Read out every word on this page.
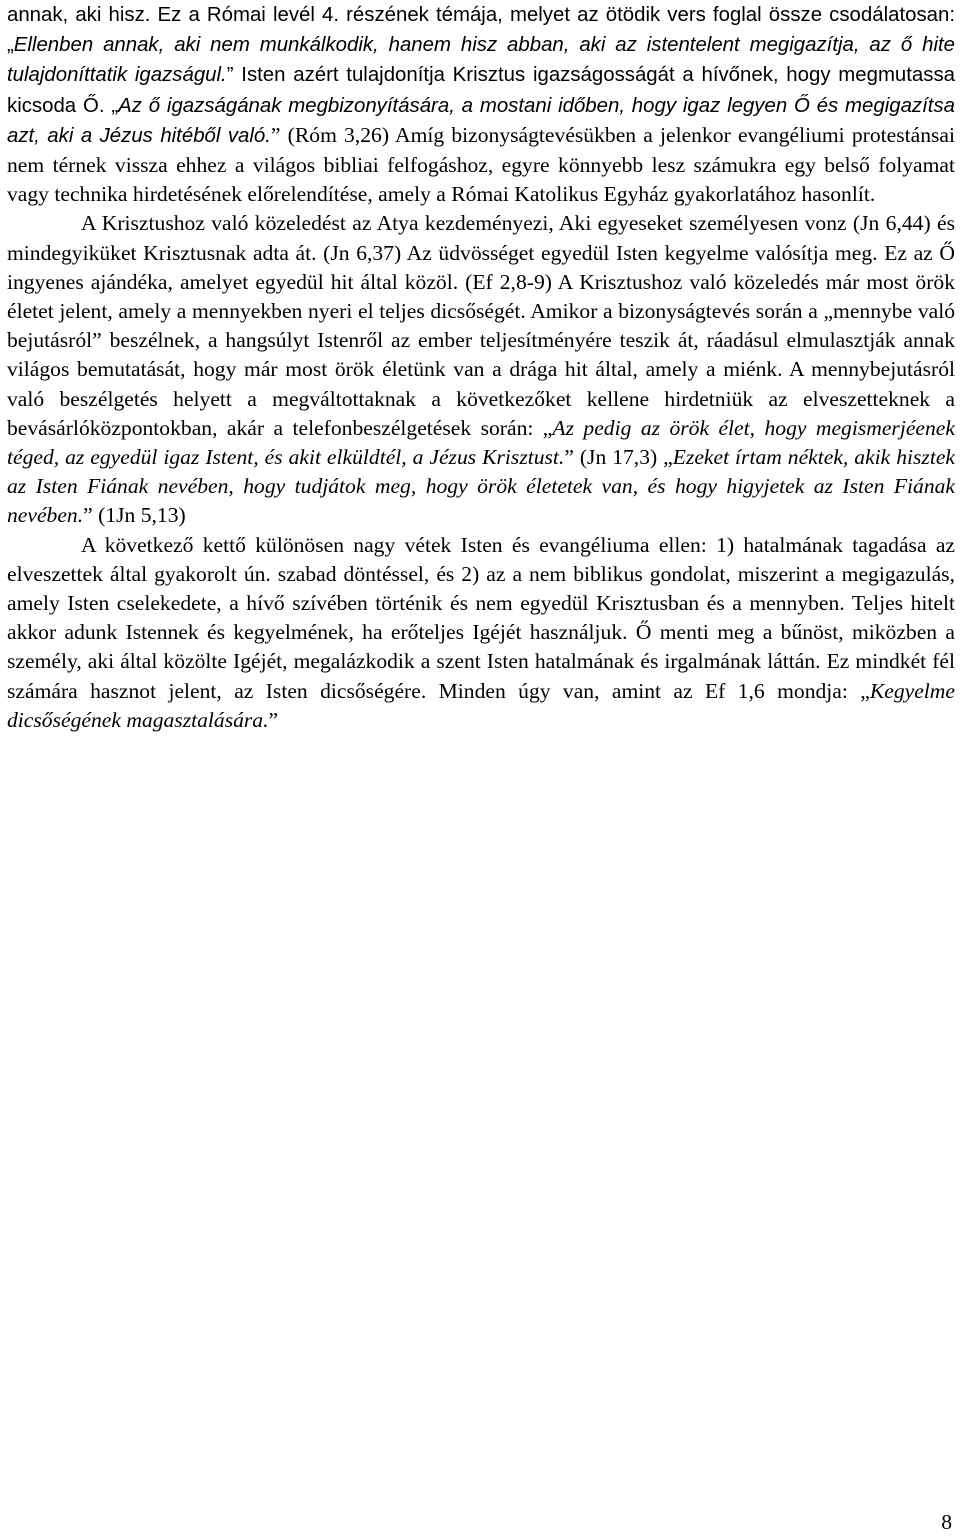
annak, aki hisz. Ez a Római levél 4. részének témája, melyet az ötödik vers foglal össze csodálatosan: „Ellenben annak, aki nem munkálkodik, hanem hisz abban, aki az istentelent megigazítja, az ő hite tulajdoníttatik igazságul.” Isten azért tulajdonítja Krisztus igazságosságát a hívőnek, hogy megmutassa kicsoda Ő. „Az ő igazságának megbizonyítására, a mostani időben, hogy igaz legyen Ő és megigazítsa azt, aki a Jézus hitéből való.” (Róm 3,26) Amíg bizonyságtevésükben a jelenkor evangéliumi protestánsai nem térnek vissza ehhez a világos bibliai felfogáshoz, egyre könnyebb lesz számukra egy belső folyamat vagy technika hirdetésének előrelendítése, amely a Római Katolikus Egyház gyakorlatához hasonlít.

A Krisztushoz való közeledést az Atya kezdeményezi, Aki egyeseket személyesen vonz (Jn 6,44) és mindegyiküket Krisztusnak adta át. (Jn 6,37) Az üdvösséget egyedül Isten kegyelme valósítja meg. Ez az Ő ingyenes ajándéka, amelyet egyedül hit által közöl. (Ef 2,8-9) A Krisztushoz való közeledés már most örök életet jelent, amely a mennyekben nyeri el teljes dicsőségét. Amikor a bizonyságtevés során a „mennybe való bejutásról” beszélnek, a hangsúlyt Istenről az ember teljesítményére teszik át, ráadásul elmulasztják annak világos bemutatását, hogy már most örök életünk van a drága hit által, amely a miénk. A mennybejutásról való beszélgetés helyett a megváltottaknak a következőket kellene hirdetniük az elveszetteknek a bevásárlóközpontokban, akár a telefonbeszélgetések során: „Az pedig az örök élet, hogy megismerjéenek téged, az egyedül igaz Istent, és akit elküldtél, a Jézus Krisztust.” (Jn 17,3) „Ezeket írtam néktek, akik hisztek az Isten Fiának nevében, hogy tudjátok meg, hogy örök életetek van, és hogy higyjetek az Isten Fiának nevében.” (1Jn 5,13)

A következő kettő különösen nagy vétek Isten és evangéliuma ellen: 1) hatalmának tagadása az elveszettek által gyakorolt ún. szabad döntéssel, és 2) az a nem biblikus gondolat, miszerint a megigazulás, amely Isten cselekedete, a hívő szívében történik és nem egyedül Krisztusban és a mennyben. Teljes hitelt akkor adunk Istennek és kegyelmének, ha erőteljes Igéjét használjuk. Ő menti meg a bűnöst, miközben a személy, aki által közölte Igéjét, megalázkodik a szent Isten hatalmának és irgalmának láttán. Ez mindkét fél számára hasznot jelent, az Isten dicsőségére. Minden úgy van, amint az Ef 1,6 mondja: „Kegyelme dicsőségének magasztalására.”

8
